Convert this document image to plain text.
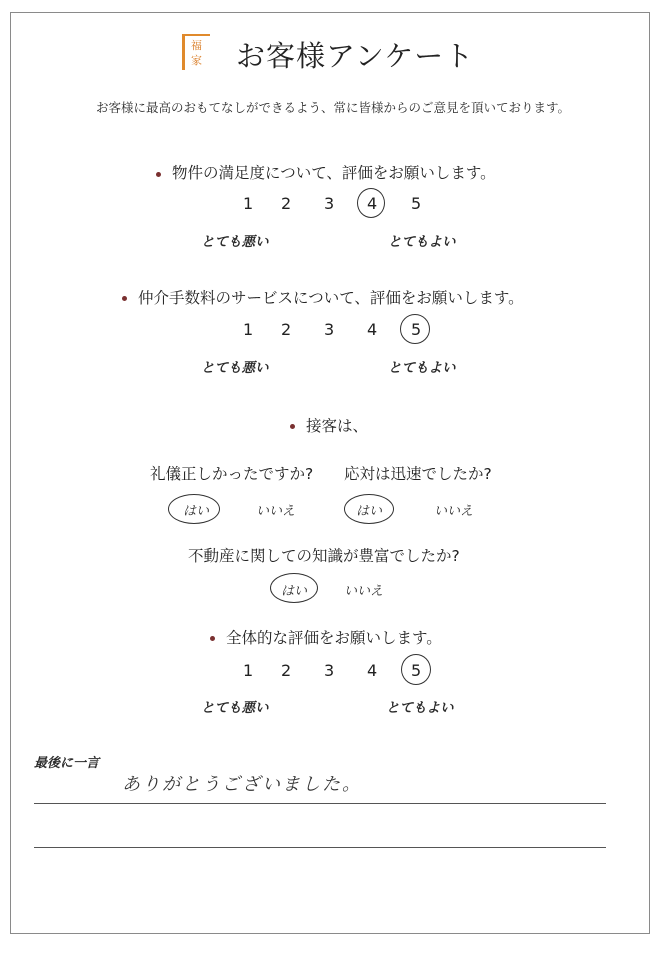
福
家 お客様アンケート
お客様に最高のおもてなしができるよう、常に皆様からのご意見を頂いております。
物件の満足度について、評価をお願いします。
1 2 3 4 5
とても悪い	とてもよい
仲介手数料のサービスについて、評価をお願いします。
1 2 3 4 5
とても悪い	とてもよい
接客は、
礼儀正しかったですか? 応対は迅速でしたか?
はい	いいえ	はい	いいえ
不動産に関しての知識が豊富でしたか?
はい	いいえ
全体的な評価をお願いします。
1 2 3 4 5
とても悪い	とてもよい
最後に一言
ありがとうございました。
